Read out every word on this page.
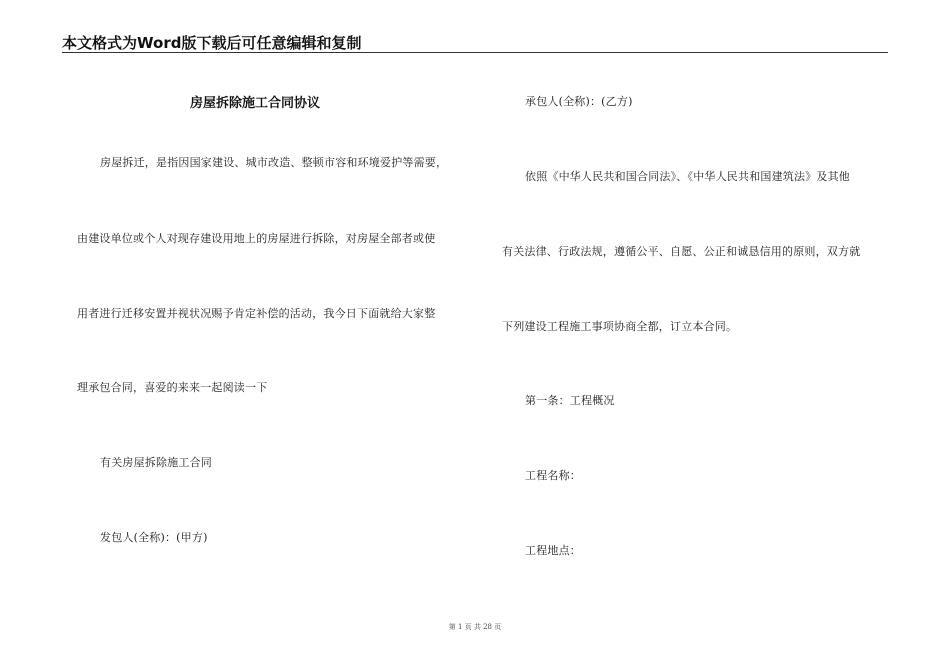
本文格式为Word版下载后可任意编辑和复制
房屋拆除施工合同协议
房屋拆迁，是指因国家建设、城市改造、整顿市容和环境爱护等需要，
由建设单位或个人对现存建设用地上的房屋进行拆除，对房屋全部者或使
用者进行迁移安置并视状况赐予肯定补偿的活动，我今日下面就给大家整
理承包合同，喜爱的来来一起阅读一下
有关房屋拆除施工合同
发包人(全称)：(甲方)
承包人(全称)：(乙方)
依照《中华人民共和国合同法》、《中华人民共和国建筑法》及其他
有关法律、行政法规，遵循公平、自愿、公正和诚恳信用的原则，双方就
下列建设工程施工事项协商全都，订立本合同。
第一条：工程概况
工程名称：
工程地点：
第 1 页 共 28 页
